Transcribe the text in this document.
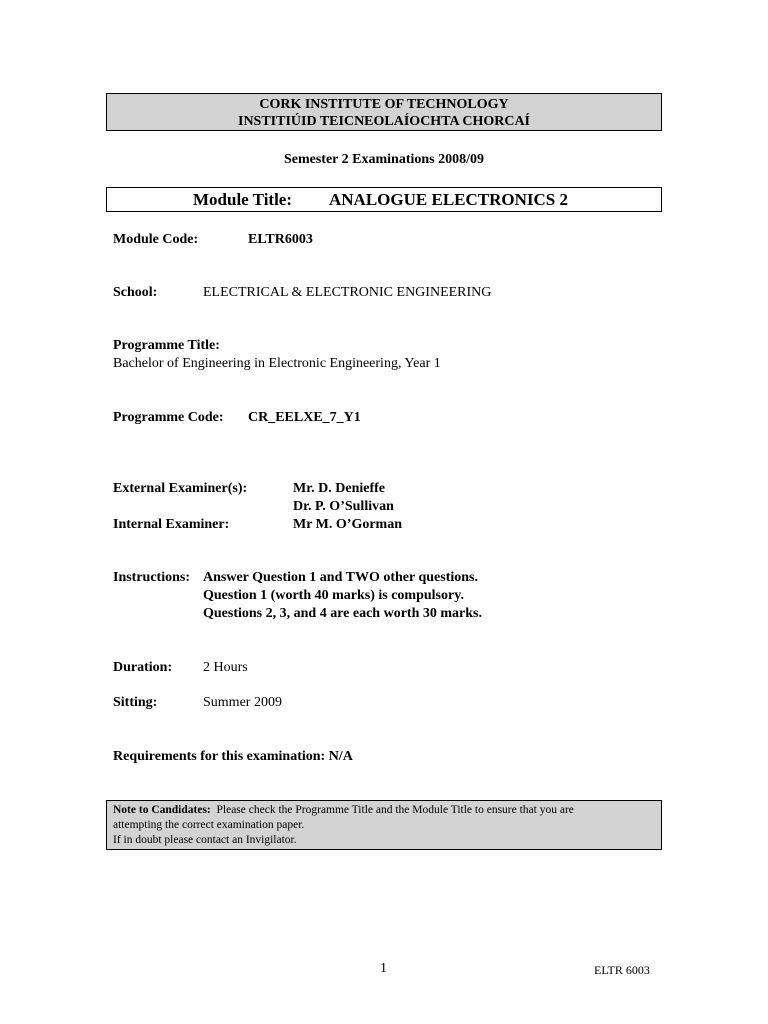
CORK INSTITUTE OF TECHNOLOGY
INSTITIÚID TEICNEOLAÍOCHTA CHORCAÍ
Semester 2 Examinations 2008/09
Module Title: ANALOGUE ELECTRONICS 2
Module Code:	ELTR6003
School:	ELECTRICAL & ELECTRONIC ENGINEERING
Programme Title:
Bachelor of Engineering in Electronic Engineering, Year 1
Programme Code: CR_EELXE_7_Y1
External Examiner(s):	Mr. D. Denieffe
Dr. P. O’Sullivan
Internal Examiner:	Mr M. O’Gorman
Instructions: Answer Question 1 and TWO other questions.
Question 1 (worth 40 marks) is compulsory.
Questions 2, 3, and 4 are each worth 30 marks.
Duration: 2 Hours
Sitting:	Summer 2009
Requirements for this examination: N/A
Note to Candidates: Please check the Programme Title and the Module Title to ensure that you are
attempting the correct examination paper.
If in doubt please contact an Invigilator.
1	ELTR 6003
